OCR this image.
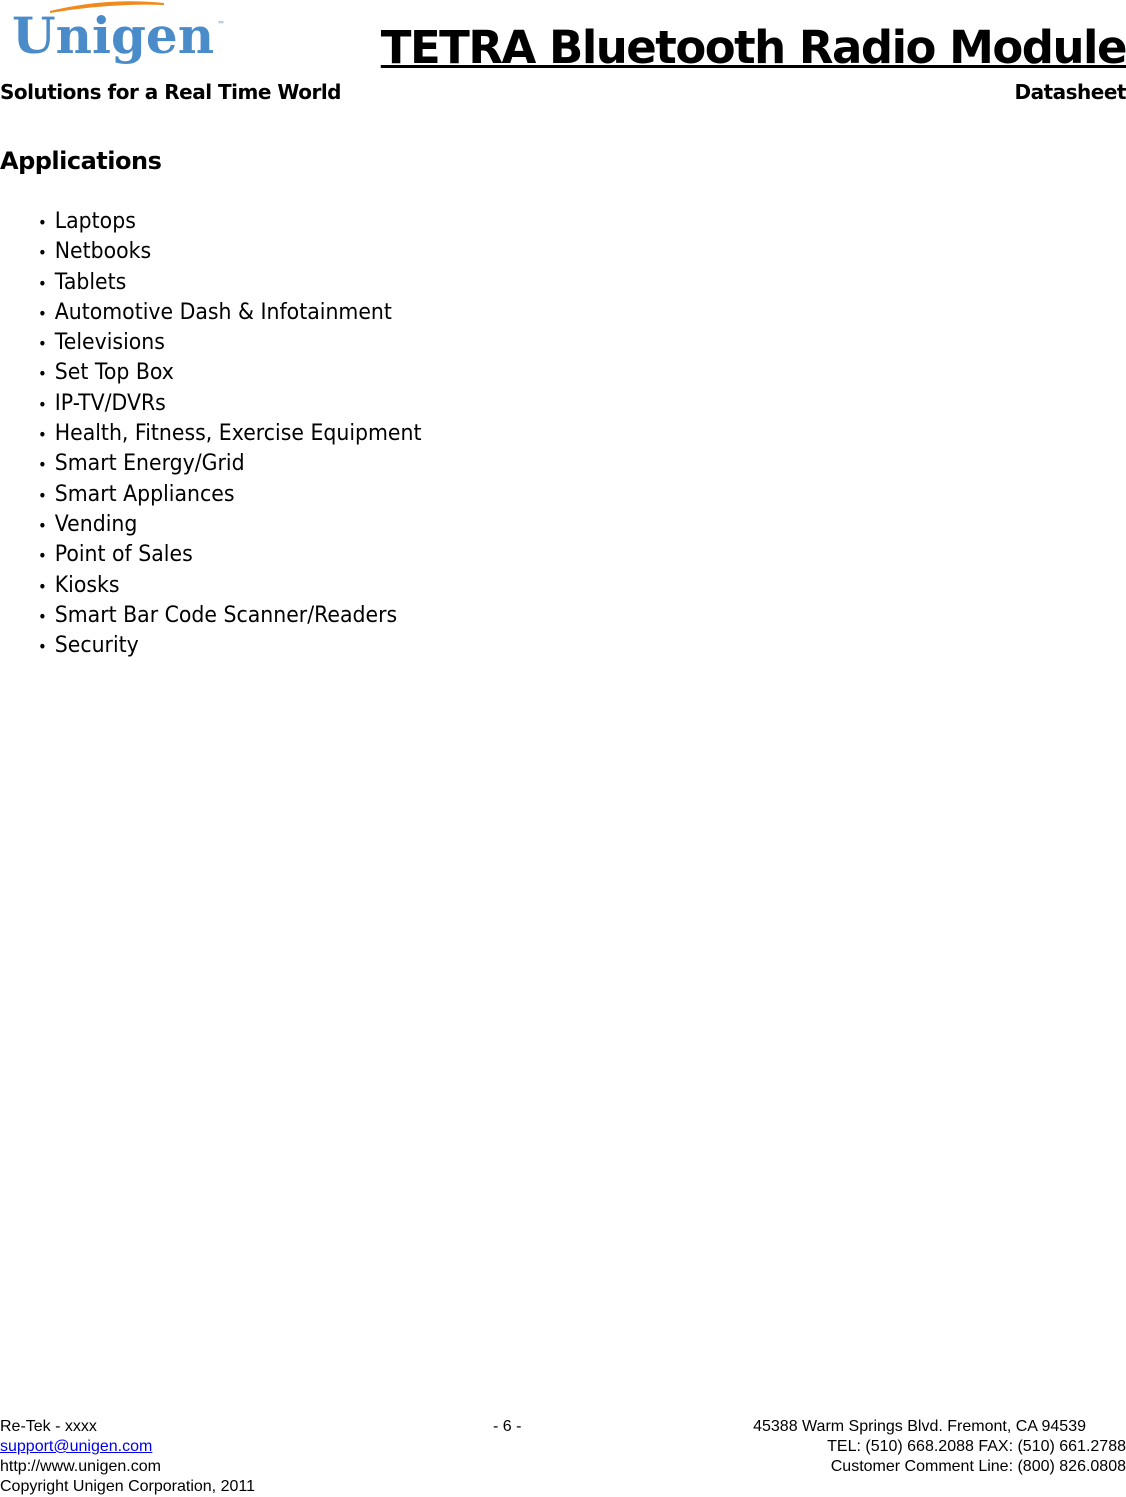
Unigen ™
Solutions for a Real Time World
TETRA Bluetooth Radio Module
Datasheet
Applications
• Laptops
• Netbooks
• Tablets
• Automotive Dash & Infotainment
• Televisions
• Set Top Box
• IP-TV/DVRs
• Health, Fitness, Exercise Equipment
• Smart Energy/Grid
• Smart Appliances
• Vending
• Point of Sales
• Kiosks
• Smart Bar Code Scanner/Readers
• Security
Re-Tek - xxxx	- 6 -	45388 Warm Springs Blvd. Fremont, CA 94539
support@unigen.com	TEL: (510) 668.2088 FAX: (510) 661.2788
http://www.unigen.com	Customer Comment Line: (800) 826.0808
Copyright Unigen Corporation, 2011
